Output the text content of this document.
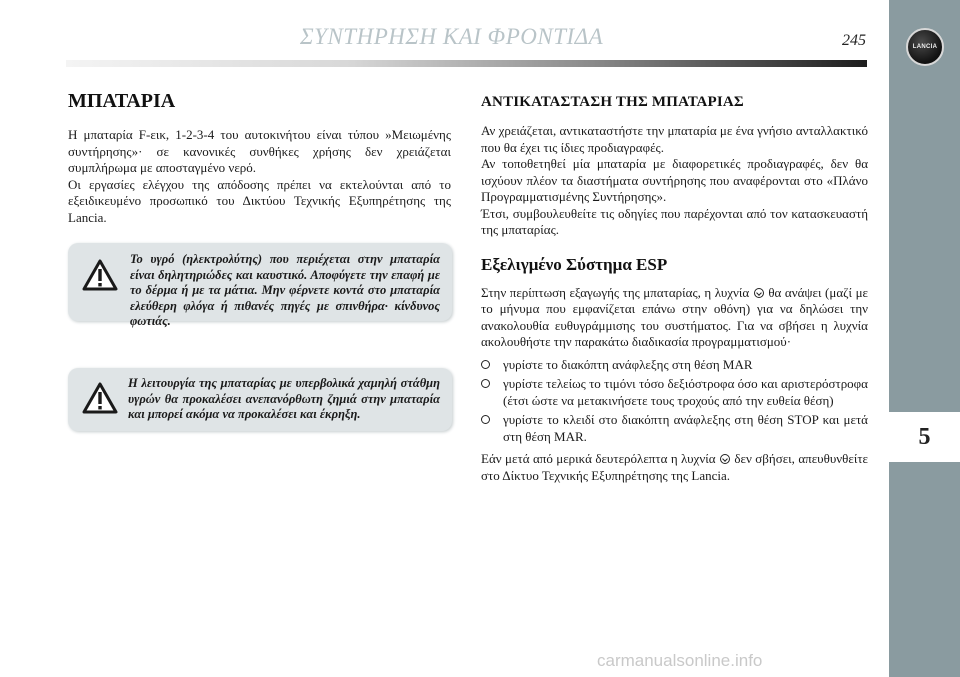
LANCIA
5
ΣΥΝΤΗΡΗΣΗ ΚΑΙ ΦΡΟΝΤΙΔΑ	245
ΜΠΑΤΑΡΙΑ

Η μπαταρία F-εικ, 1-2-3-4 του αυτοκινήτου είναι τύπου »Μειωμένης συντήρησης»· σε κανονικές συνθήκες χρήσης δεν χρειάζεται συμπλήρωμα με αποσταγμένο νερό.

Οι εργασίες ελέγχου της απόδοσης πρέπει να εκτελούνται από το εξειδικευμένο προσωπικό του Δικτύου Τεχνικής Εξυπηρέτησης της Lancia.

Το υγρό (ηλεκτρολύτης) που περιέχεται στην μπαταρία είναι δηλητηριώδες και καυστικό. Αποφύγετε την επαφή με το δέρμα ή με τα μάτια. Μην φέρνετε κοντά στο μπαταρία ελεύθερη φλόγα ή πιθανές πηγές με σπινθήρα· κίνδυνος φωτιάς.
Η λειτουργία της μπαταρίας με υπερβολικά χαμηλή στάθμη υγρών θα προκαλέσει ανεπανόρθωτη ζημιά στην μπαταρία και μπορεί ακόμα να προκαλέσει και έκρηξη.
ΑΝΤΙΚΑΤΑΣΤΑΣΗ ΤΗΣ ΜΠΑΤΑΡΙΑΣ

Αν χρειάζεται, αντικαταστήστε την μπαταρία με ένα γνήσιο ανταλλακτικό που θα έχει τις ίδιες προδιαγραφές.

Αν τοποθετηθεί μία μπαταρία με διαφορετικές προδιαγραφές, δεν θα ισχύουν πλέον τα διαστήματα συντήρησης που αναφέρονται στο «Πλάνο Προγραμματισμένης Συντήρησης».

Έτσι, συμβουλευθείτε τις οδηγίες που παρέχονται από τον κατασκευαστή της μπαταρίας.

Εξελιγμένο Σύστημα ESP

Στην περίπτωση εξαγωγής της μπαταρίας, η λυχνία θα ανάψει (μαζί με το μήνυμα που εμφανίζεται επάνω στην οθόνη) για να δηλώσει την ανακολουθία ευθυγράμμισης του συστήματος. Για να σβήσει η λυχνία ακολουθήστε την παρακάτω διαδικασία προγραμματισμού·

γυρίστε το διακόπτη ανάφλεξης στη θέση MAR
γυρίστε τελείως το τιμόνι τόσο δεξιόστροφα όσο και αριστερόστροφα (έτσι ώστε να μετακινήσετε τους τροχούς από την ευθεία θέση)
γυρίστε το κλειδί στο διακόπτη ανάφλεξης στη θέση STOP και μετά στη θέση MAR.

Εάν μετά από μερικά δευτερόλεπτα η λυχνία δεν σβήσει, απευθυνθείτε στο Δίκτυο Τεχνικής Εξυπηρέτησης της Lancia.

carmanualsonline.info
